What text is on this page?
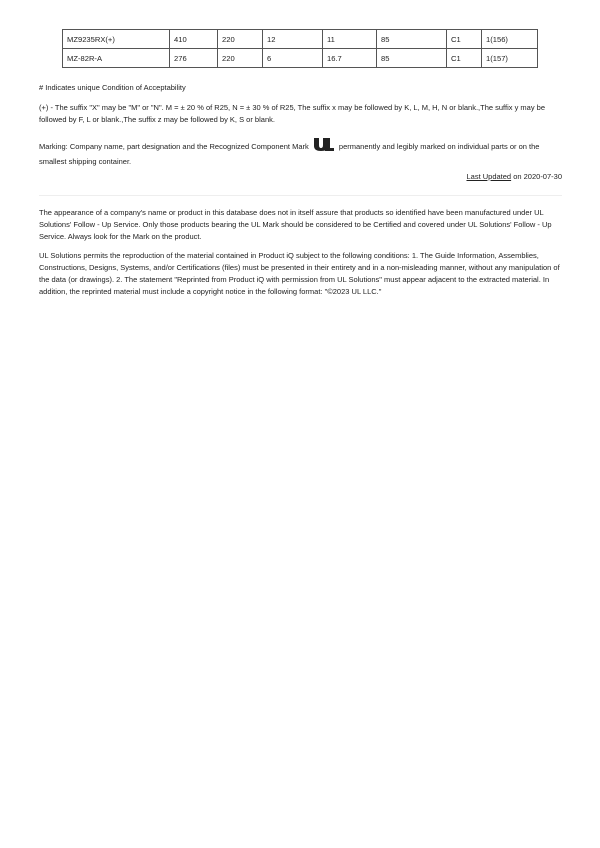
MZ9235RX(+)	410	220	12	11	85	C1	1(156)
MZ-82R-A	276	220	6	16.7	85	C1	1(157)

# Indicates unique Condition of Acceptability

(+) - The suffix "X" may be "M" or "N". M = ± 20 % of R25, N = ± 30 % of R25, The suffix x may be followed by K, L, M, H, N or blank.,The suffix y may be followed by F, L or blank.,The suffix z may be followed by K, S or blank.

Marking: Company name, part designation and the Recognized Component Mark	permanently and legibly marked on individual parts or on the smallest shipping container.

Last Updated on 2020-07-30

The appearance of a company's name or product in this database does not in itself assure that products so identified have been manufactured under UL Solutions' Follow - Up Service. Only those products bearing the UL Mark should be considered to be Certified and covered under UL Solutions' Follow - Up Service. Always look for the Mark on the product.

UL Solutions permits the reproduction of the material contained in Product iQ subject to the following conditions: 1. The Guide Information, Assemblies, Constructions, Designs, Systems, and/or Certifications (files) must be presented in their entirety and in a non-misleading manner, without any manipulation of the data (or drawings). 2. The statement "Reprinted from Product iQ with permission from UL Solutions" must appear adjacent to the extracted material. In addition, the reprinted material must include a copyright notice in the following format: "©2023 UL LLC."
